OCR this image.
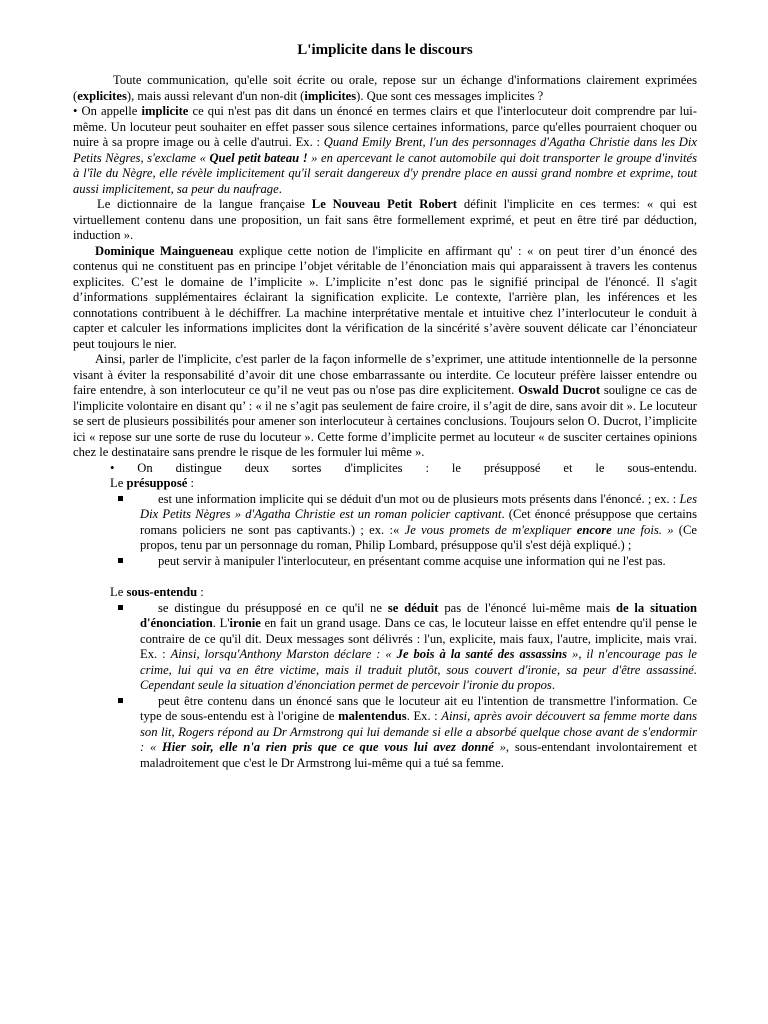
L'implicite dans le discours

Toute communication, qu'elle soit écrite ou orale, repose sur un échange d'informations clairement exprimées (explicites), mais aussi relevant d'un non-dit (implicites). Que sont ces messages implicites ?

• On appelle implicite ce qui n'est pas dit dans un énoncé en termes clairs et que l'interlocuteur doit comprendre par lui-même. Un locuteur peut souhaiter en effet passer sous silence certaines informations, parce qu'elles pourraient choquer ou nuire à sa propre image ou à celle d'autrui. Ex. : Quand Emily Brent, l'un des personnages d'Agatha Christie dans les Dix Petits Nègres, s'exclame « Quel petit bateau ! » en apercevant le canot automobile qui doit transporter le groupe d'invités à l'île du Nègre, elle révèle implicitement qu'il serait dangereux d'y prendre place en aussi grand nombre et exprime, tout aussi implicitement, sa peur du naufrage.

Le dictionnaire de la langue française Le Nouveau Petit Robert définit l'implicite en ces termes: « qui est virtuellement contenu dans une proposition, un fait sans être formellement exprimé, et peut en être tiré par déduction, induction ».

Dominique Maingueneau explique cette notion de l'implicite en affirmant qu' : « on peut tirer d’un énoncé des contenus qui ne constituent pas en principe l’objet véritable de l’énonciation mais qui apparaissent à travers les contenus explicites. C’est le domaine de l’implicite ». L’implicite n’est donc pas le signifié principal de l'énoncé. Il s'agit d’informations supplémentaires éclairant la signification explicite. Le contexte, l'arrière plan, les inférences et les connotations contribuent à le déchiffrer. La machine interprétative mentale et intuitive chez l’interlocuteur le conduit à capter et calculer les informations implicites dont la vérification de la sincérité s’avère souvent délicate car l’énonciateur peut toujours le nier.

Ainsi, parler de l'implicite, c'est parler de la façon informelle de s’exprimer, une attitude intentionnelle de la personne visant à éviter la responsabilité d’avoir dit une chose embarrassante ou interdite. Ce locuteur préfère laisser entendre ou faire entendre, à son interlocuteur ce qu’il ne veut pas ou n'ose pas dire explicitement. Oswald Ducrot souligne ce cas de l'implicite volontaire en disant qu’ : « il ne s’agit pas seulement de faire croire, il s’agit de dire, sans avoir dit ». Le locuteur se sert de plusieurs possibilités pour amener son interlocuteur à certaines conclusions. Toujours selon O. Ducrot, l’implicite ici « repose sur une sorte de ruse du locuteur ». Cette forme d’implicite permet au locuteur « de susciter certaines opinions chez le destinataire sans prendre le risque de les formuler lui même ».

• On distingue deux sortes d'implicites : le présupposé et le sous-entendu.

Le présupposé :

est une information implicite qui se déduit d'un mot ou de plusieurs mots présents dans l'énoncé. ; ex. : Les Dix Petits Nègres » d'Agatha Christie est un roman policier captivant. (Cet énoncé présuppose que certains romans policiers ne sont pas captivants.) ; ex. :« Je vous promets de m'expliquer encore une fois. » (Ce propos, tenu par un personnage du roman, Philip Lombard, présuppose qu'il s'est déjà expliqué.) ;
peut servir à manipuler l'interlocuteur, en présentant comme acquise une information qui ne l'est pas.

Le sous-entendu :

se distingue du présupposé en ce qu'il ne se déduit pas de l'énoncé lui-même mais de la situation d'énonciation. L'ironie en fait un grand usage. Dans ce cas, le locuteur laisse en effet entendre qu'il pense le contraire de ce qu'il dit. Deux messages sont délivrés : l'un, explicite, mais faux, l'autre, implicite, mais vrai. Ex. : Ainsi, lorsqu'Anthony Marston déclare : « Je bois à la santé des assassins », il n'encourage pas le crime, lui qui va en être victime, mais il traduit plutôt, sous couvert d'ironie, sa peur d'être assassiné. Cependant seule la situation d'énonciation permet de percevoir l'ironie du propos.
peut être contenu dans un énoncé sans que le locuteur ait eu l'intention de transmettre l'information. Ce type de sous-entendu est à l'origine de malentendus. Ex. : Ainsi, après avoir découvert sa femme morte dans son lit, Rogers répond au Dr Armstrong qui lui demande si elle a absorbé quelque chose avant de s'endormir : « Hier soir, elle n'a rien pris que ce que vous lui avez donné », sous-entendant involontairement et maladroitement que c'est le Dr Armstrong lui-même qui a tué sa femme.
